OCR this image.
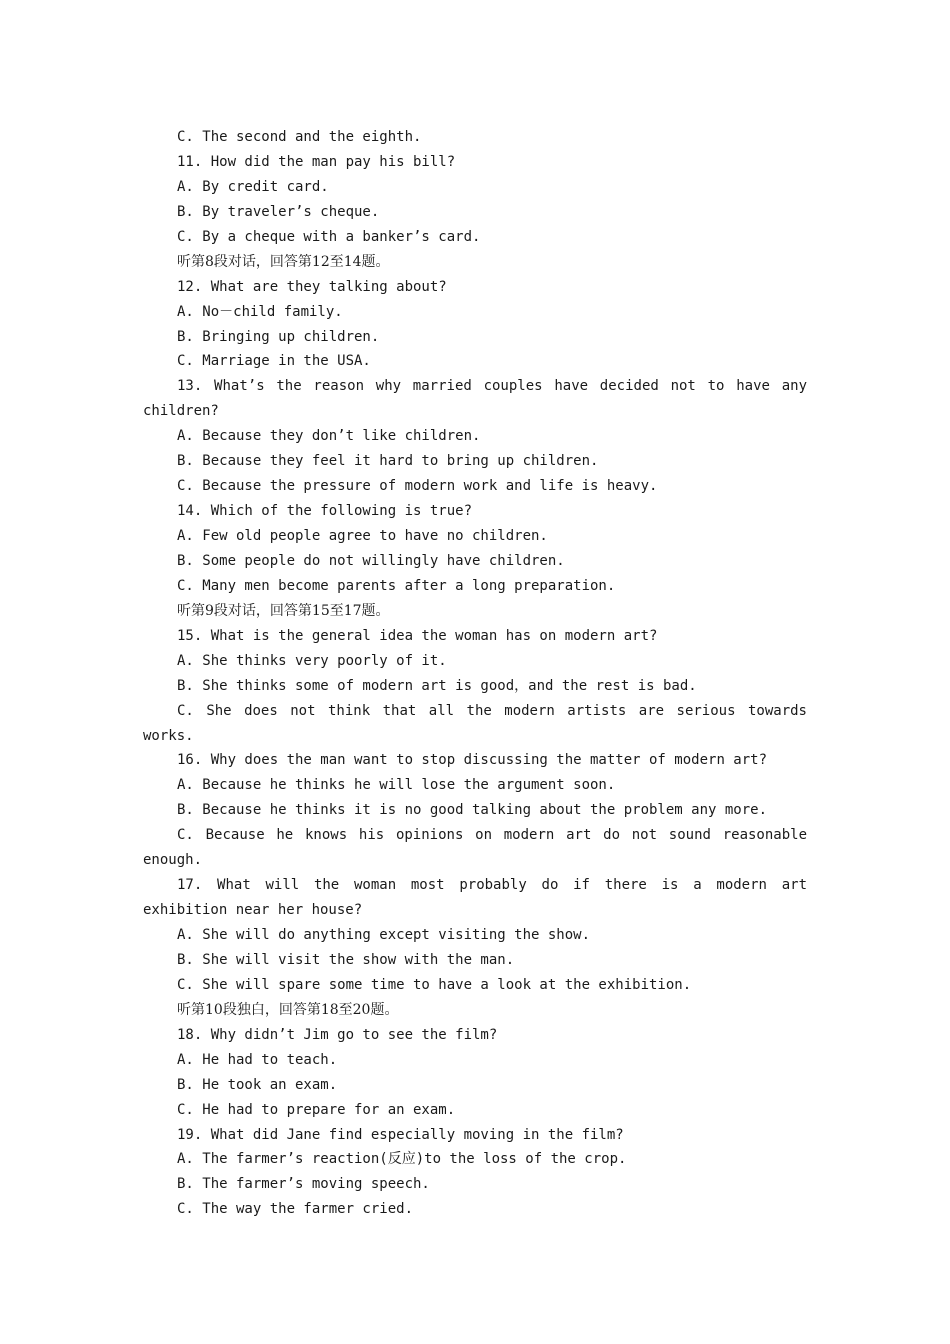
C. The second and the eighth.
11. How did the man pay his bill?
A. By credit card.
B. By traveler’s cheque.
C. By a cheque with a banker’s card.
听第8段对话，回答第12至14题。
12. What are they talking about?
A. No－child family.
B. Bringing up children.
C. Marriage in the USA.
13. What’s the reason why married couples have decided not to have any
children?
A. Because they don’t like children.
B. Because they feel it hard to bring up children.
C. Because the pressure of modern work and life is heavy.
14. Which of the following is true?
A. Few old people agree to have no children.
B. Some people do not willingly have children.
C. Many men become parents after a long preparation.
听第9段对话，回答第15至17题。
15. What is the general idea the woman has on modern art?
A. She thinks very poorly of it.
B. She thinks some of modern art is good，and the rest is bad.
C. She does not think that all the modern artists are serious towards
works.
16. Why does the man want to stop discussing the matter of modern art?
A. Because he thinks he will lose the argument soon.
B. Because he thinks it is no good talking about the problem any more.
C. Because he knows his opinions on modern art do not sound reasonable
enough.
17. What will the woman most probably do if there is a modern art
exhibition near her house?
A. She will do anything except visiting the show.
B. She will visit the show with the man.
C. She will spare some time to have a look at the exhibition.
听第10段独白，回答第18至20题。
18. Why didn’t Jim go to see the film?
A. He had to teach.
B. He took an exam.
C. He had to prepare for an exam.
19. What did Jane find especially moving in the film?
A. The farmer’s reaction(反应)to the loss of the crop.
B. The farmer’s moving speech.
C. The way the farmer cried.
